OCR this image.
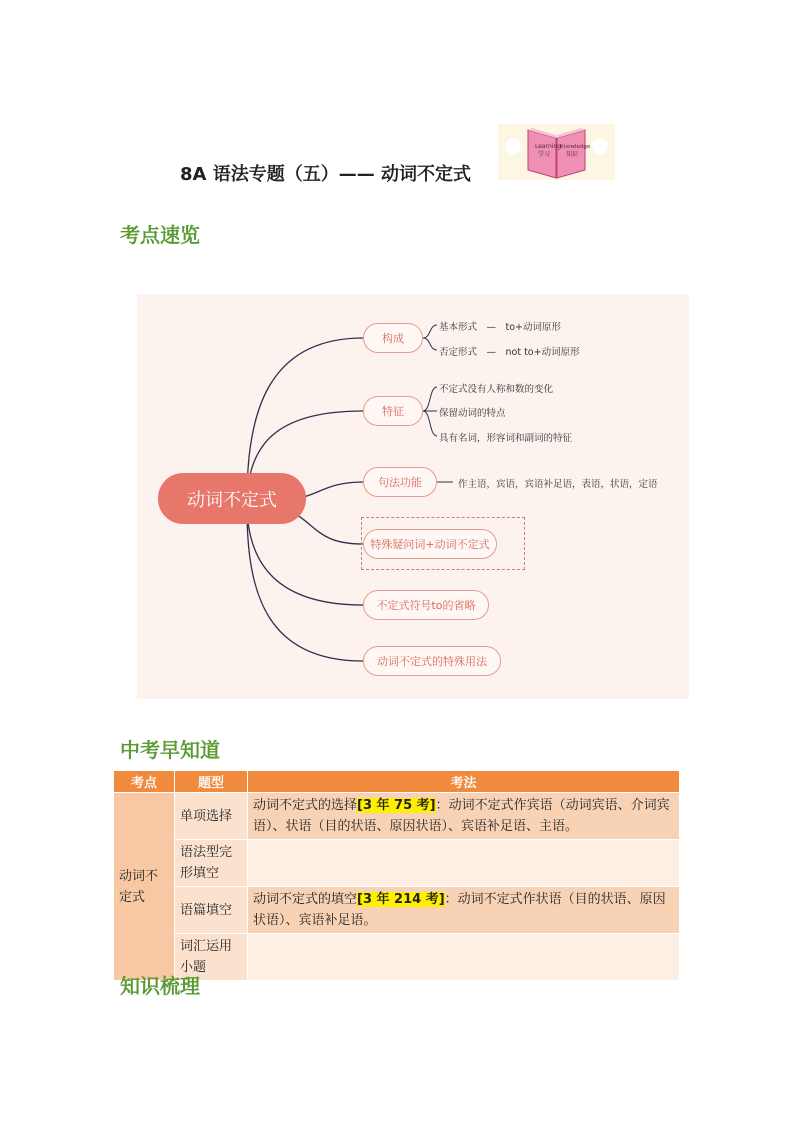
8A 语法专题（五）—— 动词不定式
Learning
学习
Knowledge
知识
考点速览
动词不定式
构成
基本形式　—　to+动词原形
否定形式　—　not to+动词原形
特征
不定式没有人称和数的变化
保留动词的特点
具有名词，形容词和副词的特征
句法功能	作主语，宾语，宾语补足语，表语，状语，定语
特殊疑问词+动词不定式
不定式符号to的省略
动词不定式的特殊用法
中考早知道
考点	题型	考法
动词不定式	单项选择	动词不定式的选择[3 年 75 考]：动词不定式作宾语（动词宾语、介词宾语）、状语（目的状语、原因状语）、宾语补足语、主语。
	语法型完形填空	
	语篇填空	动词不定式的填空[3 年 214 考]：动词不定式作状语（目的状语、原因状语）、宾语补足语。
	词汇运用小题	
知识梳理
